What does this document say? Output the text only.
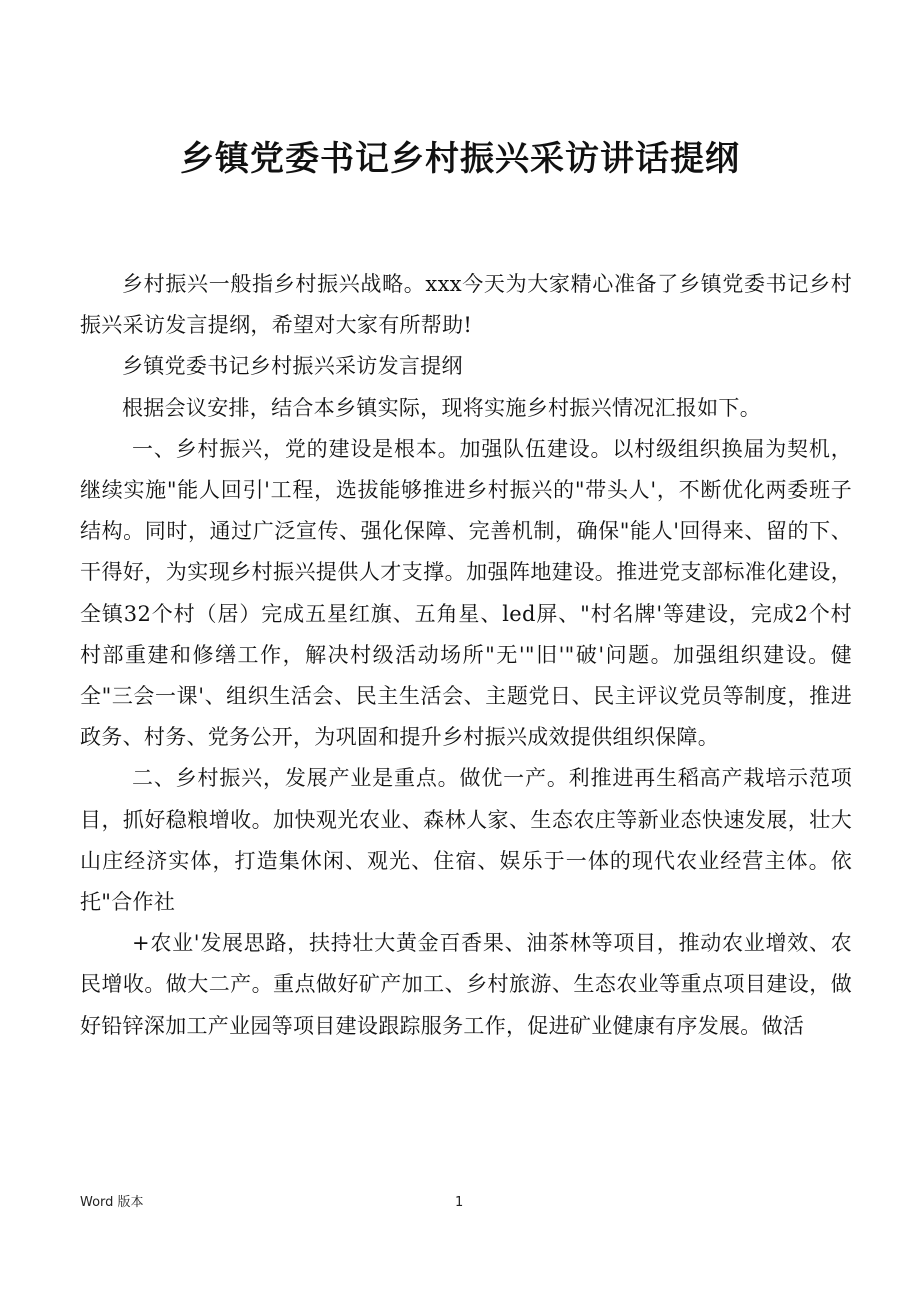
乡镇党委书记乡村振兴采访讲话提纲

乡村振兴一般指乡村振兴战略。xxx今天为大家精心准备了乡镇党委书记乡村振兴采访发言提纲，希望对大家有所帮助!

乡镇党委书记乡村振兴采访发言提纲

根据会议安排，结合本乡镇实际，现将实施乡村振兴情况汇报如下。

一、乡村振兴，党的建设是根本。加强队伍建设。以村级组织换届为契机，继续实施"能人回引'工程，选拔能够推进乡村振兴的"带头人'，不断优化两委班子结构。同时，通过广泛宣传、强化保障、完善机制，确保"能人'回得来、留的下、干得好，为实现乡村振兴提供人才支撑。加强阵地建设。推进党支部标准化建设，全镇32个村（居）完成五星红旗、五角星、led屏、"村名牌'等建设，完成2个村村部重建和修缮工作，解决村级活动场所"无'"旧'"破'问题。加强组织建设。健全"三会一课'、组织生活会、民主生活会、主题党日、民主评议党员等制度，推进政务、村务、党务公开，为巩固和提升乡村振兴成效提供组织保障。

二、乡村振兴，发展产业是重点。做优一产。利推进再生稻高产栽培示范项目，抓好稳粮增收。加快观光农业、森林人家、生态农庄等新业态快速发展，壮大山庄经济实体，打造集休闲、观光、住宿、娱乐于一体的现代农业经营主体。依托"合作社

+农业'发展思路，扶持壮大黄金百香果、油茶林等项目，推动农业增效、农民增收。做大二产。重点做好矿产加工、乡村旅游、生态农业等重点项目建设，做好铅锌深加工产业园等项目建设跟踪服务工作，促进矿业健康有序发展。做活

Word 版本	1
